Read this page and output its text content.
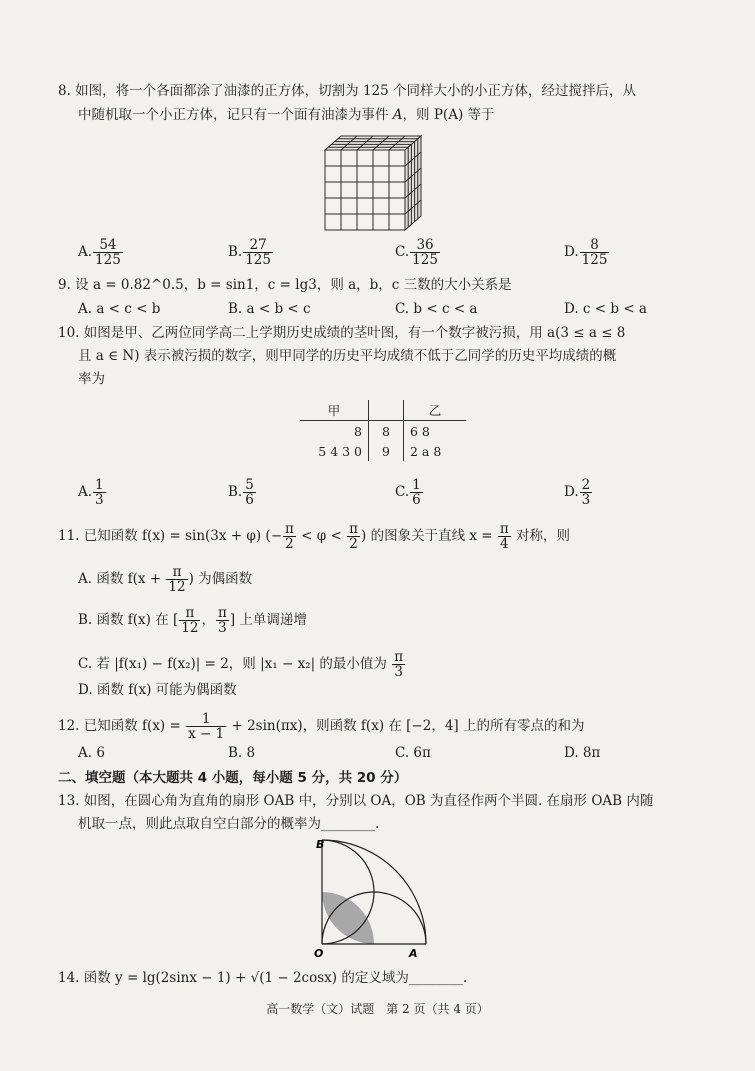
8. 如图，将一个各面都涂了油漆的正方体，切割为 125 个同样大小的小正方体，经过搅拌后，从
中随机取一个小正方体，记只有一个面有油漆为事件 A，则 P(A) 等于
A. $\frac{54}{125}$	B. $\frac{27}{125}$	C. $\frac{36}{125}$	D. $\frac{8}{125}$
9. 设 a = 0.82^0.5，b = sin1，c = lg3，则 a，b，c 三数的大小关系是
A. a < c < b	B. a < b < c	C. b < c < a	D. c < b < a
10. 如图是甲、乙两位同学高二上学期历史成绩的茎叶图，有一个数字被污损，用 a(3 ≤ a ≤ 8
且 a ∈ N) 表示被污损的数字，则甲同学的历史平均成绩不低于乙同学的历史平均成绩的概
率为
甲		乙
8	8	6 8
5 4 3 0	9	2 a 8
A. $\frac{1}{3}$	B. $\frac{5}{6}$	C. $\frac{1}{6}$	D. $\frac{2}{3}$
11. 已知函数 f(x) = sin(3x + φ) (− $\frac{\pi}{2} < \varphi < \frac{\pi}{2}$ ) 的图象关于直线 $x = \frac{\pi}{4}$ 对称，则
A. 函数 $f(x + \frac{\pi}{12}$ ) 为偶函数
B. 函数 f(x) 在 [ $\frac{\pi}{12}$ ， $\frac{\pi}{3}$ ] 上单调递增
C. 若 |f(x₁) − f(x₂)| = 2，则 |x₁ − x₂| 的最小值为 $\frac{\pi}{3}$
D. 函数 f(x) 可能为偶函数
12. 已知函数 $f(x) = \frac{1}{x - 1} + 2\sin(\pi x)$，则函数 f(x) 在 [−2，4] 上的所有零点的和为
A. 6	B. 8	C. 6π	D. 8π
二、填空题（本大题共 4 小题，每小题 5 分，共 20 分）
13. 如图，在圆心角为直角的扇形 OAB 中，分别以 OA，OB 为直径作两个半圆. 在扇形 OAB 内随
机取一点，则此点取自空白部分的概率为________.
B
O	A
14. 函数 y = lg(2sinx − 1) + √(1 − 2cosx) 的定义域为________.
高一数学（文）试题　第 2 页（共 4 页）
